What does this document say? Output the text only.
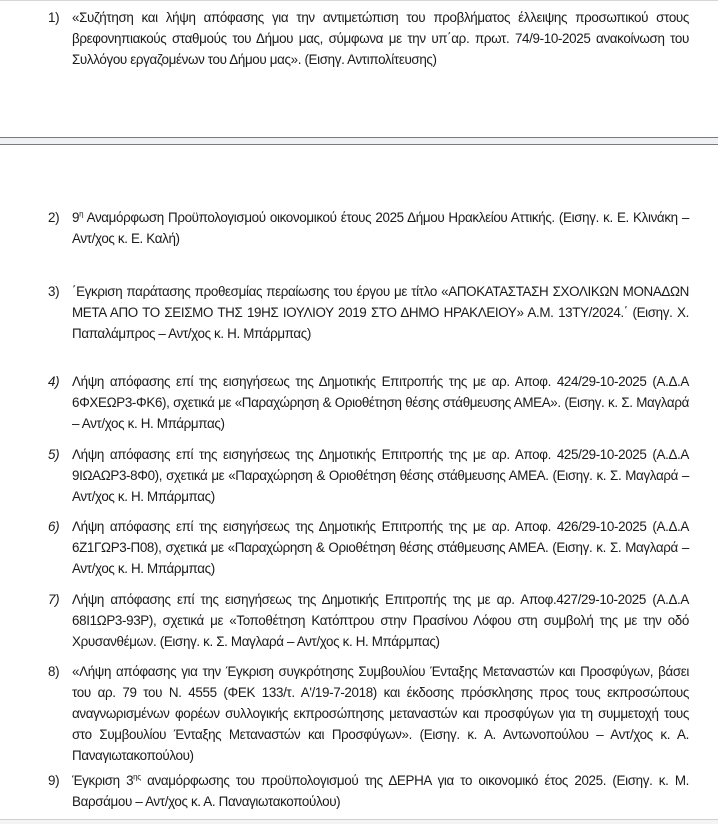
1) «Συζήτηση και λήψη απόφασης για την αντιμετώπιση του προβλήματος έλλειψης προσωπικού στους βρεφονηπιακούς σταθμούς του Δήμου μας, σύμφωνα με την υπ΄αρ. πρωτ. 74/9-10-2025 ανακοίνωση του Συλλόγου εργαζομένων του Δήμου μας». (Εισηγ. Αντιπολίτευσης)
2) $9^\eta$ Αναμόρφωση Προϋπολογισμού οικονομικού έτους 2025 Δήμου Ηρακλείου Αττικής. (Εισηγ. κ. Ε. Κλινάκη – Αντ/χος κ. Ε. Καλή)
3) ΄Εγκριση παράτασης προθεσμίας περαίωσης του έργου με τίτλο «ΑΠΟΚΑΤΑΣΤΑΣΗ ΣΧΟΛΙΚΩΝ ΜΟΝΑΔΩΝ ΜΕΤΑ ΑΠΟ ΤΟ ΣΕΙΣΜΟ ΤΗΣ 19ΗΣ ΙΟΥΛΙΟΥ 2019 ΣΤΟ ΔΗΜΟ ΗΡΑΚΛΕΙΟΥ» Α.Μ. 13ΤΥ/2024.΄ (Εισηγ. Χ. Παπαλάμπρος – Αντ/χος κ. Η. Μπάρμπας)
4) Λήψη απόφασης επί της εισηγήσεως της Δημοτικής Επιτροπής της με αρ. Αποφ. 424/29-10-2025 (Α.Δ.Α 6ΦΧΕΩΡ3-ΦΚ6), σχετικά με «Παραχώρηση & Οριοθέτηση θέσης στάθμευσης ΑΜΕΑ». (Εισηγ. κ. Σ. Μαγλαρά – Αντ/χος κ. Η. Μπάρμπας)
5) Λήψη απόφασης επί της εισηγήσεως της Δημοτικής Επιτροπής της με αρ. Αποφ. 425/29-10-2025 (Α.Δ.Α 9ΙΩΑΩΡ3-8Φ0), σχετικά με «Παραχώρηση & Οριοθέτηση θέσης στάθμευσης ΑΜΕΑ. (Εισηγ. κ. Σ. Μαγλαρά – Αντ/χος κ. Η. Μπάρμπας)
6) Λήψη απόφασης επί της εισηγήσεως της Δημοτικής Επιτροπής της με αρ. Αποφ. 426/29-10-2025 (Α.Δ.Α 6Ζ1ΓΩΡ3-Π08), σχετικά με «Παραχώρηση & Οριοθέτηση θέσης στάθμευσης ΑΜΕΑ. (Εισηγ. κ. Σ. Μαγλαρά – Αντ/χος κ. Η. Μπάρμπας)
7) Λήψη απόφασης επί της εισηγήσεως της Δημοτικής Επιτροπής της με αρ. Αποφ.427/29-10-2025 (Α.Δ.Α 68Ι1ΩΡ3-93Ρ), σχετικά με «Τοποθέτηση Κατόπτρου στην Πρασίνου Λόφου στη συμβολή της με την οδό Χρυσανθέμων. (Εισηγ. κ. Σ. Μαγλαρά – Αντ/χος κ. Η. Μπάρμπας)
8) «Λήψη απόφασης για την Έγκριση συγκρότησης Συμβουλίου Ένταξης Μεταναστών και Προσφύγων, βάσει του αρ. 79 του Ν. 4555 (ΦΕΚ 133/τ. Α'/19-7-2018) και έκδοσης πρόσκλησης προς τους εκπροσώπους αναγνωρισμένων φορέων συλλογικής εκπροσώπησης μεταναστών και προσφύγων για τη συμμετοχή τους στο Συμβουλίου Ένταξης Μεταναστών και Προσφύγων». (Εισηγ. κ. Α. Αντωνοπούλου – Αντ/χος κ. Α. Παναγιωτακοπούλου)
9) Έγκριση $3^{\eta\varsigma}$ αναμόρφωσης του προϋπολογισμού της ΔΕΡΗΑ για το οικονομικό έτος 2025. (Εισηγ. κ. Μ. Βαρσάμου – Αντ/χος κ. Α. Παναγιωτακοπούλου)
